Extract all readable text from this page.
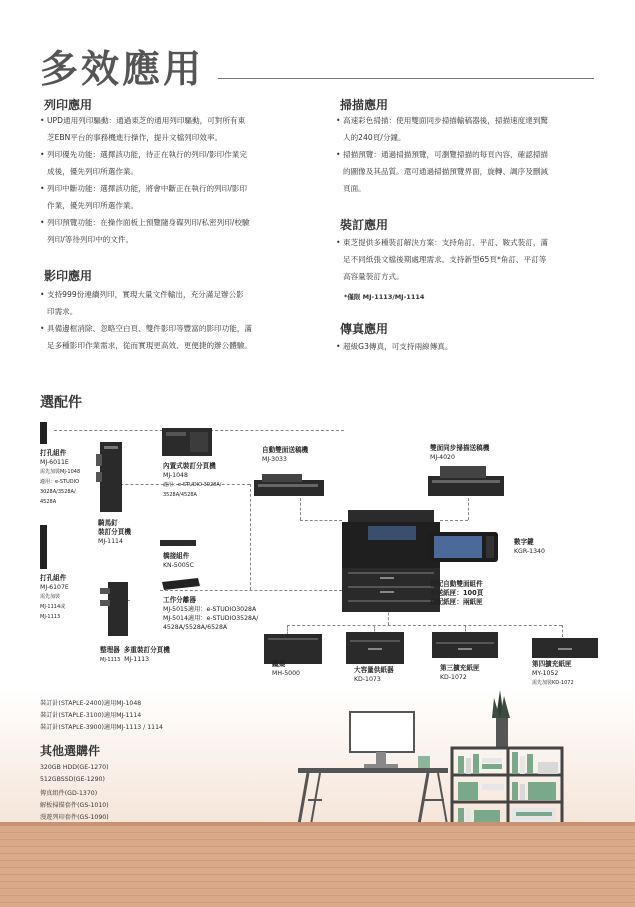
多效應用
列印應用
• UPD通用列印驅動：通過東芝的通用列印驅動，可對所有東
芝EBN平台的事務機進行操作，提升文檔列印效率。
• 列印優先功能：選擇該功能，待正在執行的列印/影印作業完
成後，優先列印所選作業。
• 列印中斷功能：選擇該功能，將會中斷正在執行的列印/影印
作業，優先列印所選作業。
• 列印預覽功能：在操作面板上預覽隨身碟列印/私密列印/校驗
列印/等待列印中的文件。
影印應用
• 支持999份連續列印，實現大量文件輸出，充分滿足辦公影
印需求。
• 具備邊框消除、忽略空白頁、雙件影印等豐富的影印功能，滿
足多種影印作業需求，從而實現更高效、更便捷的辦公體驗。
掃描應用
• 高速彩色掃描：使用雙面同步掃描輸稿器後，掃描速度達到驚
人的240頁/分鐘。
• 掃描預覽：通過掃描預覽，可瀏覽掃描的每頁內容，確認掃描
的圖像及其品質。還可通過掃描預覽界面，旋轉、調序及刪減
頁面。
裝訂應用
• 東芝提供多種裝訂解決方案：支持角訂、平訂、鞍式裝訂，滿
足不同紙張文檔後期處理需求。支持新型65頁*角訂、平訂等
高容量裝訂方式。
*僅限 MJ-1113/MJ-1114
傳真應用
• 超級G3傳真，可支持兩線傳真。
選配件
打孔組件
MJ-6011E
需先加裝MJ-1048
適用：e-STUDIO
3028A/3528A/
4528A
騎馬釘
裝訂分頁機
MJ-1114
打孔組件
MJ-6107E
需先加裝
MJ-1114或
MJ-1113
內置式裝訂分頁機
MJ-1048
適用：e-STUDIO 3028A/
3528A/4528A
橋接組件
KN-5005C
工作分離器
MJ-5015適用：e-STUDIO3028A
MJ-5014適用：e-STUDIO3528A/
4528A/5528A/6528A
整理器 多重裝訂分頁機
MJ-1113 MJ-1113
自動雙面送稿機
MJ-3033
雙面同步掃描送稿機
MJ-4020
數字鍵
KGR-1340
標配自動雙面組件
手送紙匣：100頁
標配紙匣：兩紙匣
鐵桌
MH-5000	大容量供紙器
KD-1073
第三擴充紙匣
KD-1072
第四擴充紙匣
MY-1052
需先加裝KD-1072
裝訂針(STAPLE-2400)適用MJ-1048
裝訂針(STAPLE-3100)適用MJ-1114
裝訂針(STAPLE-3900)適用MJ-1113 / 1114
其他選購件
320GB HDD(GE-1270)
512GBSSD(GE-1290)
傳真組件(GD-1370)
解板掃描套件(GS-1010)
漫遊列印套件(GS-1090)
